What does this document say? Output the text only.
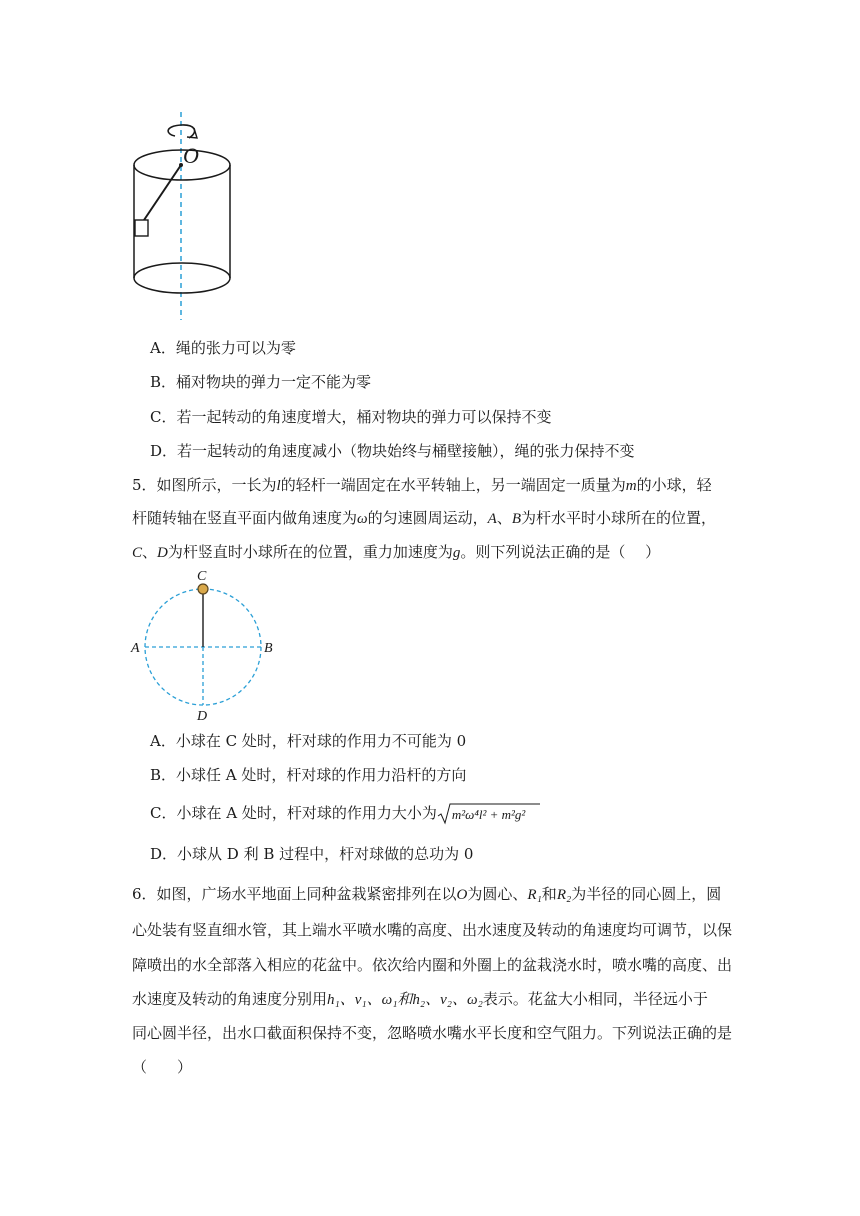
O
A．绳的张力可以为零
B．桶对物块的弹力一定不能为零
C．若一起转动的角速度增大，桶对物块的弹力可以保持不变
D．若一起转动的角速度减小（物块始终与桶壁接触），绳的张力保持不变
5．如图所示，一长为l的轻杆一端固定在水平转轴上，另一端固定一质量为m的小球，轻
杆随转轴在竖直平面内做角速度为ω的匀速圆周运动，A、B为杆水平时小球所在的位置，
C、D为杆竖直时小球所在的位置，重力加速度为g。则下列说法正确的是（　 ）
C
A	B
D
A．小球在 C 处时，杆对球的作用力不可能为 0
B．小球任 A 处时，杆对球的作用力沿杆的方向
C．小球在 A 处时，杆对球的作用力大小为 m²ω⁴l² + m²g²
D．小球从 D 利 B 过程中，杆对球做的总功为 0
6．如图，广场水平地面上同种盆栽紧密排列在以O为圆心、R₁和R₂为半径的同心圆上，圆
心处装有竖直细水管，其上端水平喷水嘴的高度、出水速度及转动的角速度均可调节，以保
障喷出的水全部落入相应的花盆中。依次给内圈和外圈上的盆栽浇水时，喷水嘴的高度、出
水速度及转动的角速度分别用h₁、v₁、ω₁和h₂、v₂、ω₂表示。花盆大小相同，半径远小于
同心圆半径，出水口截面积保持不变，忽略喷水嘴水平长度和空气阻力。下列说法正确的是
（　　）
